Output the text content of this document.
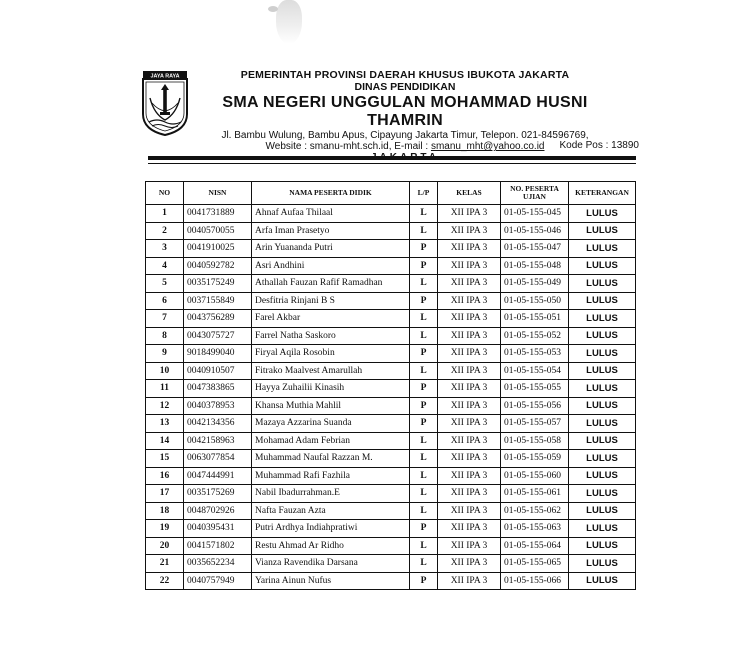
JAYA RAYA	PEMERINTAH PROVINSI DAERAH KHUSUS IBUKOTA JAKARTA
DINAS PENDIDIKAN
SMA NEGERI UNGGULAN MOHAMMAD HUSNI THAMRIN
Jl. Bambu Wulung, Bambu Apus, Cipayung Jakarta Timur, Telepon. 021-84596769,
Website : smanu-mht.sch.id, E-mail : smanu_mht@yahoo.co.id	Kode Pos : 13890
NO	NISN	NAMA PESERTA DIDIK	L/P	KELAS	NO. PESERTA UJIAN	KETERANGAN
1	0041731889	Ahnaf Aufaa Thilaal	L	XII IPA 3	01-05-155-045	LULUS
2	0040570055	Arfa Iman Prasetyo	L	XII IPA 3	01-05-155-046	LULUS
3	0041910025	Arin Yuananda Putri	P	XII IPA 3	01-05-155-047	LULUS
4	0040592782	Asri Andhini	P	XII IPA 3	01-05-155-048	LULUS
5	0035175249	Athallah Fauzan Rafif Ramadhan	L	XII IPA 3	01-05-155-049	LULUS
6	0037155849	Desfitria Rinjani B S	P	XII IPA 3	01-05-155-050	LULUS
7	0043756289	Farel Akbar	L	XII IPA 3	01-05-155-051	LULUS
8	0043075727	Farrel Natha Saskoro	L	XII IPA 3	01-05-155-052	LULUS
9	9018499040	Firyal Aqila Rosobin	P	XII IPA 3	01-05-155-053	LULUS
10	0040910507	Fitrako Maalvest Amarullah	L	XII IPA 3	01-05-155-054	LULUS
11	0047383865	Hayya Zuhailii Kinasih	P	XII IPA 3	01-05-155-055	LULUS
12	0040378953	Khansa Muthia Mahlil	P	XII IPA 3	01-05-155-056	LULUS
13	0042134356	Mazaya Azzarina Suanda	P	XII IPA 3	01-05-155-057	LULUS
14	0042158963	Mohamad Adam Febrian	L	XII IPA 3	01-05-155-058	LULUS
15	0063077854	Muhammad Naufal Razzan M.	L	XII IPA 3	01-05-155-059	LULUS
16	0047444991	Muhammad Rafi Fazhila	L	XII IPA 3	01-05-155-060	LULUS
17	0035175269	Nabil Ibadurrahman.E	L	XII IPA 3	01-05-155-061	LULUS
18	0048702926	Nafta Fauzan Azta	L	XII IPA 3	01-05-155-062	LULUS
19	0040395431	Putri Ardhya Indiahpratiwi	P	XII IPA 3	01-05-155-063	LULUS
20	0041571802	Restu Ahmad Ar Ridho	L	XII IPA 3	01-05-155-064	LULUS
21	0035652234	Vianza Ravendika Darsana	L	XII IPA 3	01-05-155-065	LULUS
22	0040757949	Yarina Ainun Nufus	P	XII IPA 3	01-05-155-066	LULUS
